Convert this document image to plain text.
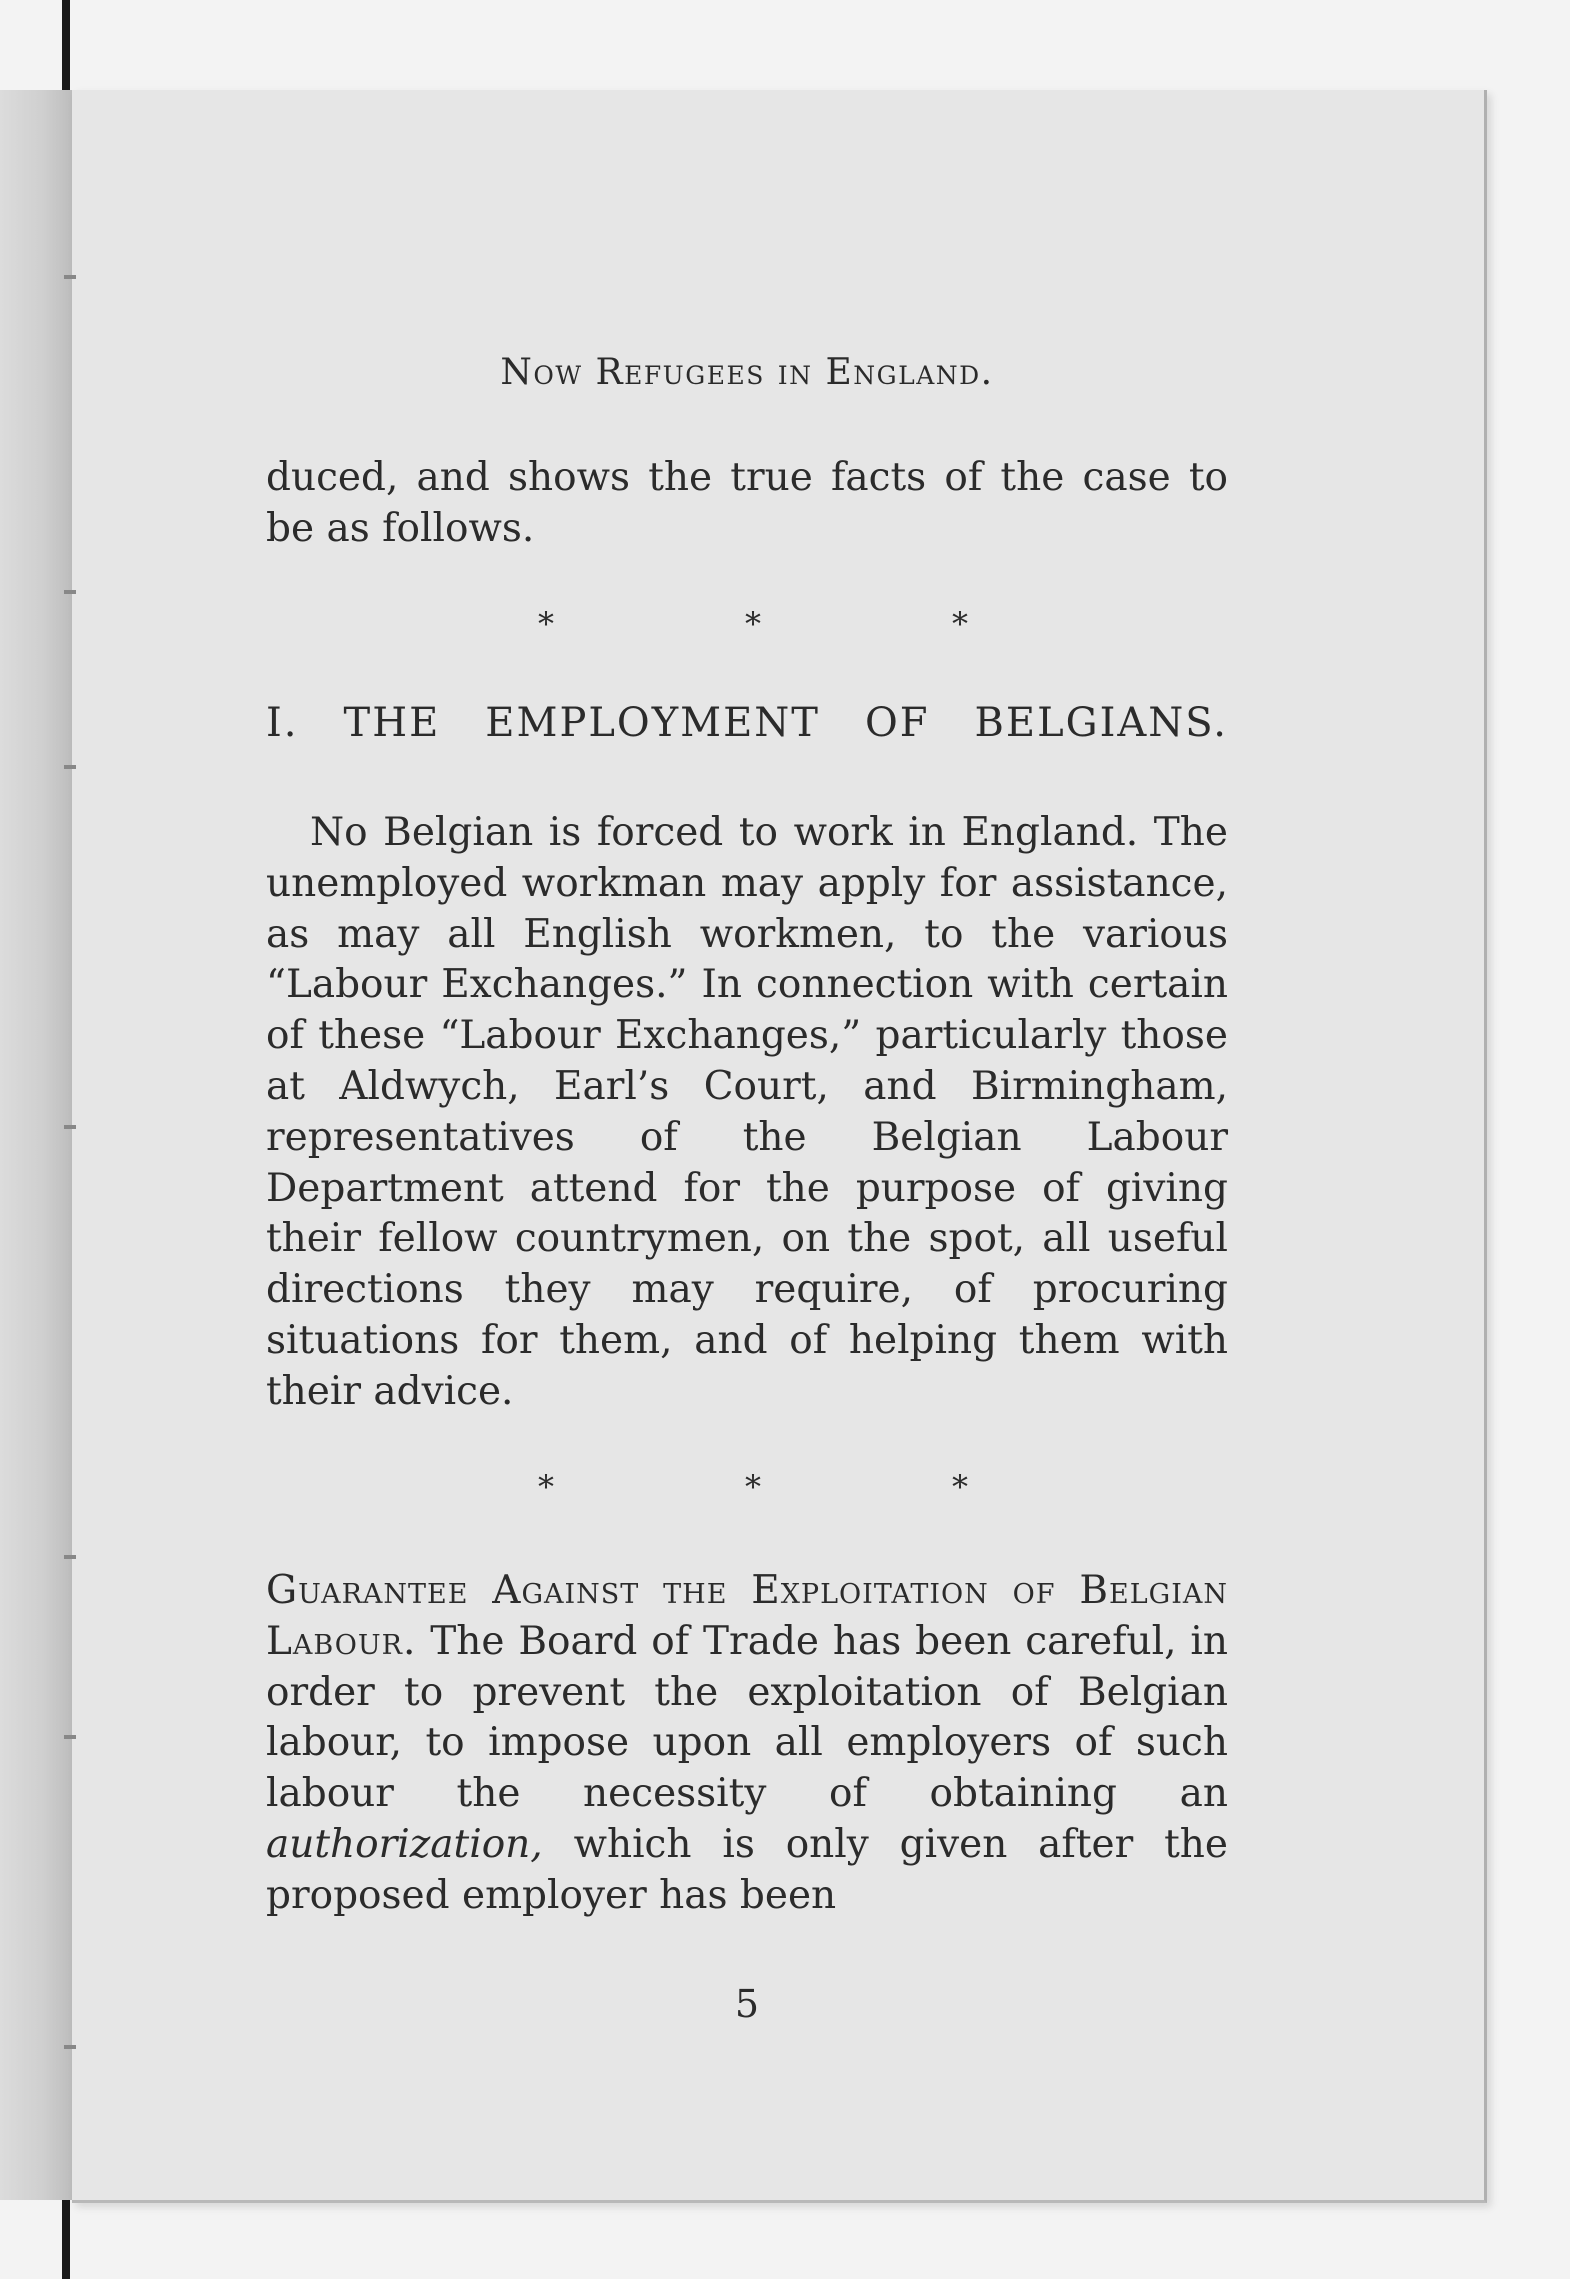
Now Refugees in England.
duced, and shows the true facts of the case to be as follows.
*	*	*
I. THE EMPLOYMENT OF BELGIANS.
No Belgian is forced to work in England. The unemployed workman may apply for assistance, as may all English workmen, to the various “Labour Exchanges.” In connection with certain of these “Labour Exchanges,” particularly those at Aldwych, Earl’s Court, and Birmingham, representatives of the Belgian Labour Department attend for the purpose of giving their fellow countrymen, on the spot, all useful directions they may require, of procuring situations for them, and of helping them with their advice.
*	*	*
Guarantee Against the Exploitation of Belgian Labour. The Board of Trade has been careful, in order to prevent the exploitation of Belgian labour, to impose upon all employers of such labour the necessity of obtaining an authorization, which is only given after the proposed employer has been
5
